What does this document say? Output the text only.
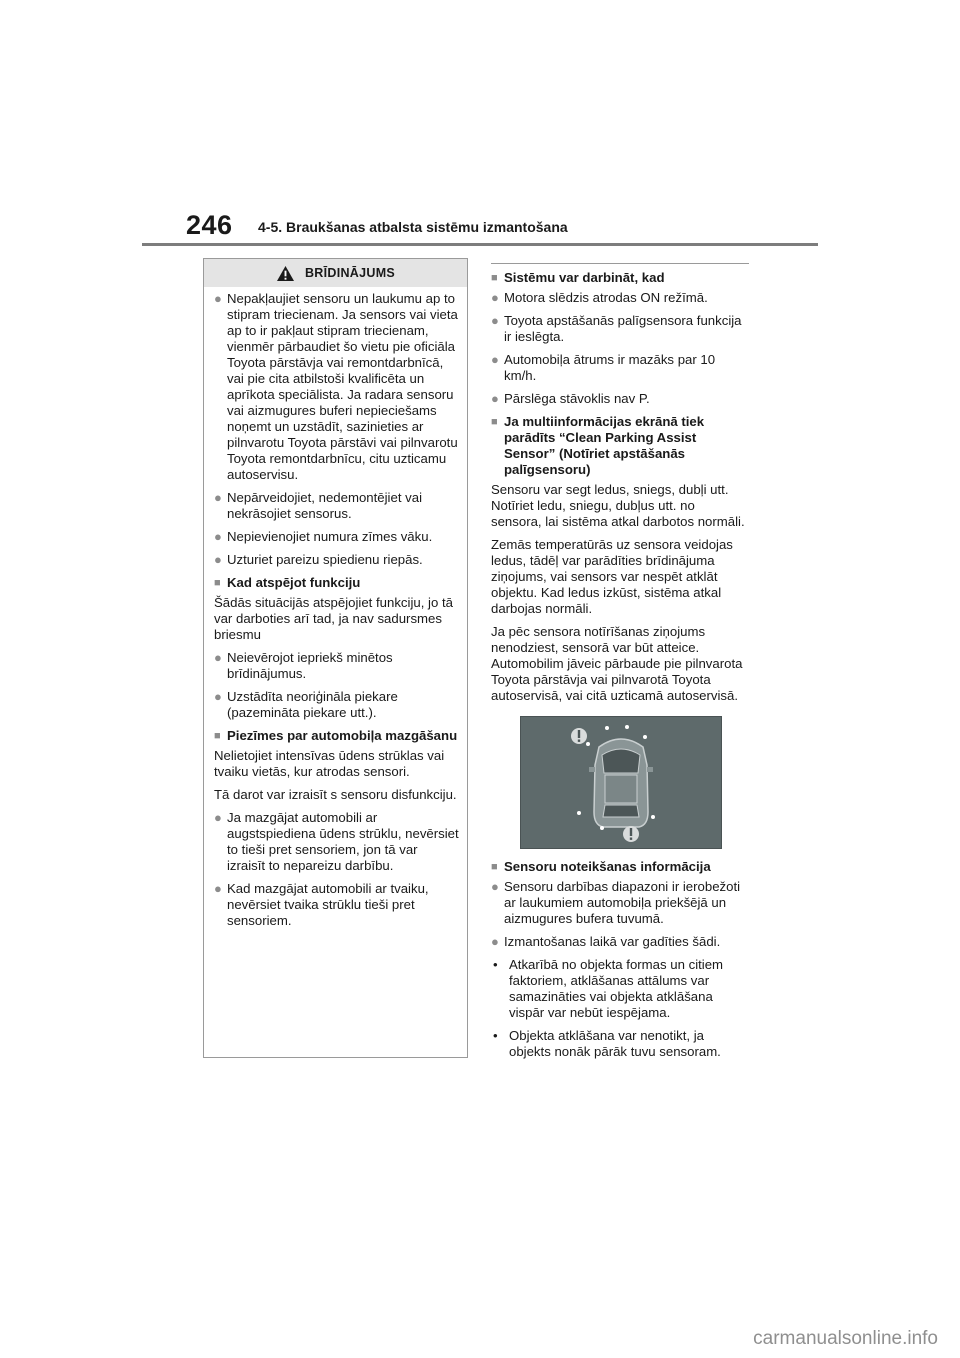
246 4-5. Braukšanas atbalsta sistēmu izmantošana
BRĪDINĀJUMS
● Nepakļaujiet sensoru un laukumu ap to stipram triecienam. Ja sensors vai vieta ap to ir pakļaut stipram triecienam, vienmēr pārbaudiet šo vietu pie oficiāla Toyota pārstāvja vai remontdarbnīcā, vai pie cita atbilstoši kvalificēta un aprīkota speciālista. Ja radara sensoru vai aizmugures buferi nepieciešams noņemt un uzstādīt, sazinieties ar pilnvarotu Toyota pārstāvi vai pilnvarotu Toyota remontdarbnīcu, citu uzticamu autoservisu.
● Nepārveidojiet, nedemontējiet vai nekrāsojiet sensorus.
● Nepievienojiet numura zīmes vāku.
● Uzturiet pareizu spiedienu riepās.
■ Kad atspējot funkciju
Šādās situācijās atspējojiet funkciju, jo tā var darboties arī tad, ja nav sadursmes briesmu
● Neievērojot iepriekš minētos brīdinājumus.
● Uzstādīta neoriģināla piekare (pazemināta piekare utt.).
■ Piezīmes par automobiļa mazgāšanu
Nelietojiet intensīvas ūdens strūklas vai tvaiku vietās, kur atrodas sensori.
Tā darot var izraisīt s sensoru disfunkciju.
● Ja mazgājat automobili ar augstspiediena ūdens strūklu, nevērsiet to tieši pret sensoriem, jon tā var izraisīt to nepareizu darbību.
● Kad mazgājat automobili ar tvaiku, nevērsiet tvaika strūklu tieši pret sensoriem.
■ Sistēmu var darbināt, kad
● Motora slēdzis atrodas ON režīmā.
● Toyota apstāšanās palīgsensora funkcija ir ieslēgta.
● Automobiļa ātrums ir mazāks par 10 km/h.
● Pārslēga stāvoklis nav P.
■ Ja multiinformācijas ekrānā tiek parādīts “Clean Parking Assist Sensor” (Notīriet apstāšanās palīgsensoru)
Sensoru var segt ledus, sniegs, dubļi utt. Notīriet ledu, sniegu, dubļus utt. no sensora, lai sistēma atkal darbotos normāli.
Zemās temperatūrās uz sensora veidojas ledus, tādēļ var parādīties brīdinājuma ziņojums, vai sensors var nespēt atklāt objektu. Kad ledus izkūst, sistēma atkal darbojas normāli.
Ja pēc sensora notīrīšanas ziņojums nenodziest, sensorā var būt atteice. Automobilim jāveic pārbaude pie pilnvarota Toyota pārstāvja vai pilnvarotā Toyota autoservisā, vai citā uzticamā autoservisā.
■ Sensoru noteikšanas informācija
● Sensoru darbības diapazoni ir ierobežoti ar laukumiem automobiļa priekšējā un aizmugures bufera tuvumā.
● Izmantošanas laikā var gadīties šādi.
• Atkarībā no objekta formas un citiem faktoriem, atklāšanas attālums var samazināties vai objekta atklāšana vispār var nebūt iespējama.
• Objekta atklāšana var nenotikt, ja objekts nonāk pārāk tuvu sensoram.
carmanualsonline.info
